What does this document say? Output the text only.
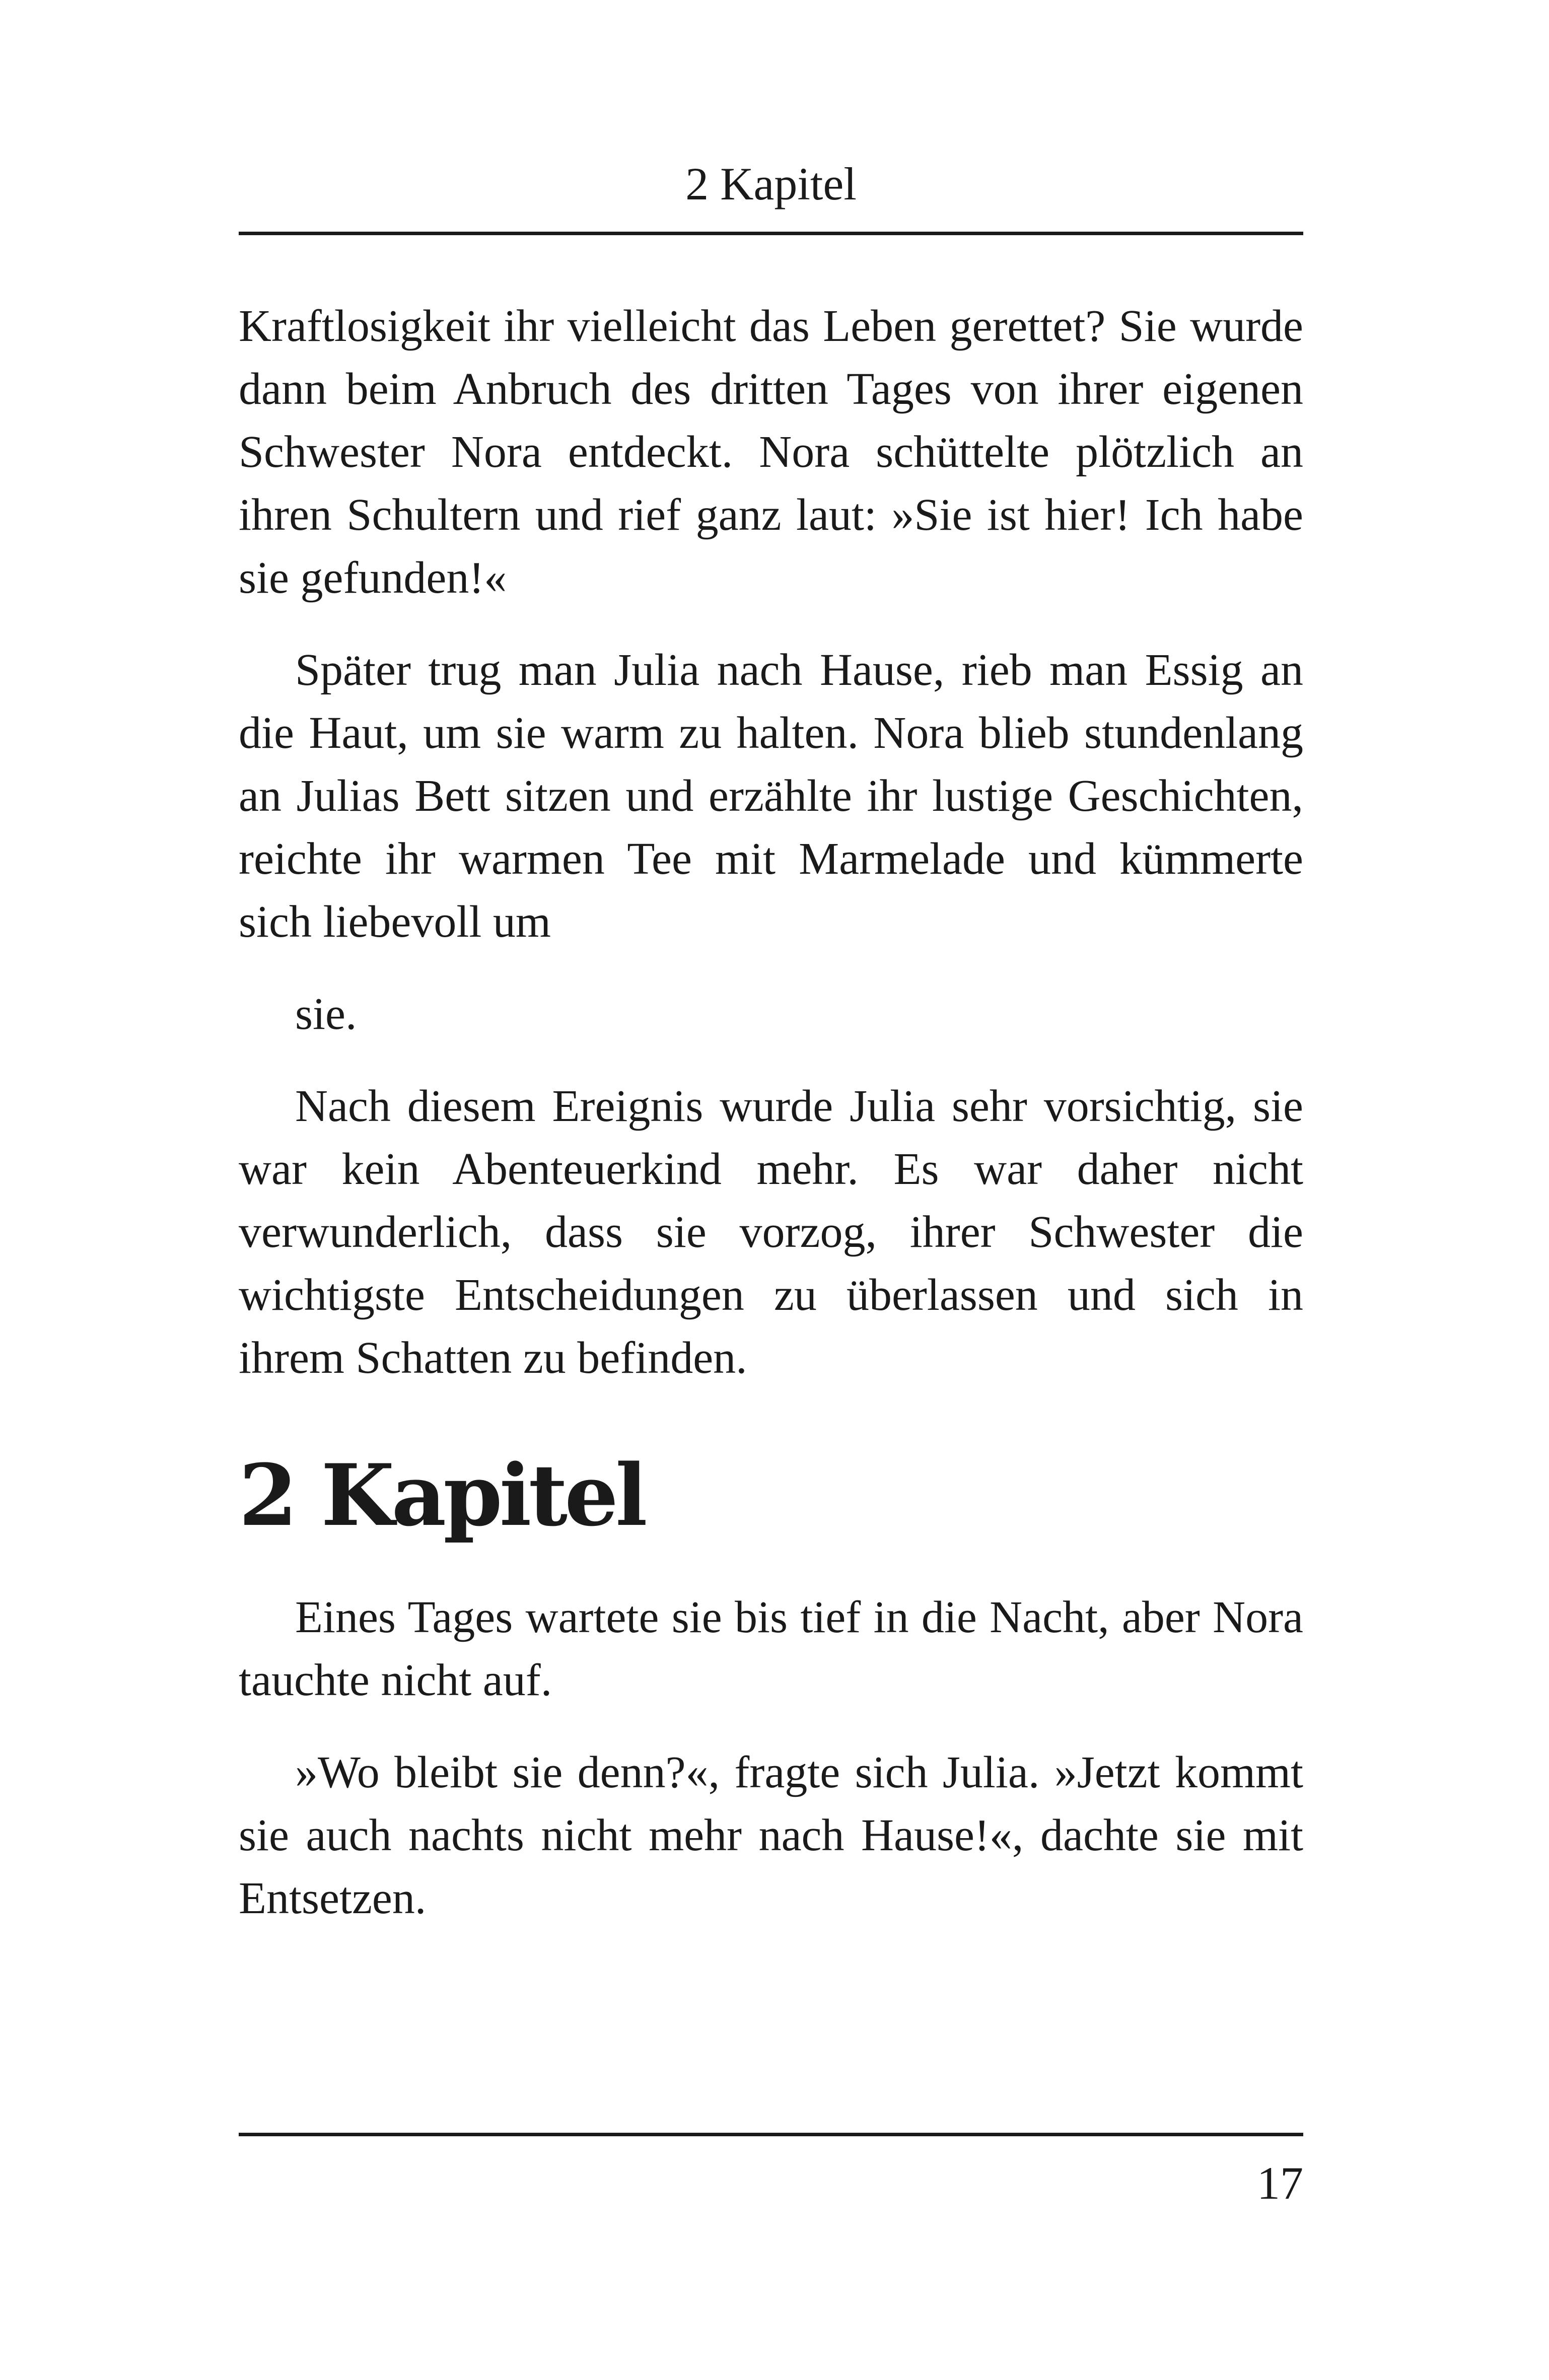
2 Kapitel

Kraftlosigkeit ihr vielleicht das Leben gerettet? Sie wurde dann beim Anbruch des dritten Tages von ihrer eigenen Schwester Nora entdeckt. Nora schüttelte plötzlich an ihren Schultern und rief ganz laut: »Sie ist hier! Ich habe sie gefunden!«

Später trug man Julia nach Hause, rieb man Essig an die Haut, um sie warm zu halten. Nora blieb stundenlang an Julias Bett sitzen und erzählte ihr lustige Geschichten, reichte ihr warmen Tee mit Marmelade und kümmerte sich liebevoll um

sie.

Nach diesem Ereignis wurde Julia sehr vorsichtig, sie war kein Abenteuerkind mehr. Es war daher nicht verwunderlich, dass sie vorzog, ihrer Schwester die wichtigste Entscheidungen zu überlassen und sich in ihrem Schatten zu befinden.

2 Kapitel

Eines Tages wartete sie bis tief in die Nacht, aber Nora tauchte nicht auf.

»Wo bleibt sie denn?«, fragte sich Julia. »Jetzt kommt sie auch nachts nicht mehr nach Hause!«, dachte sie mit Entsetzen.

17
